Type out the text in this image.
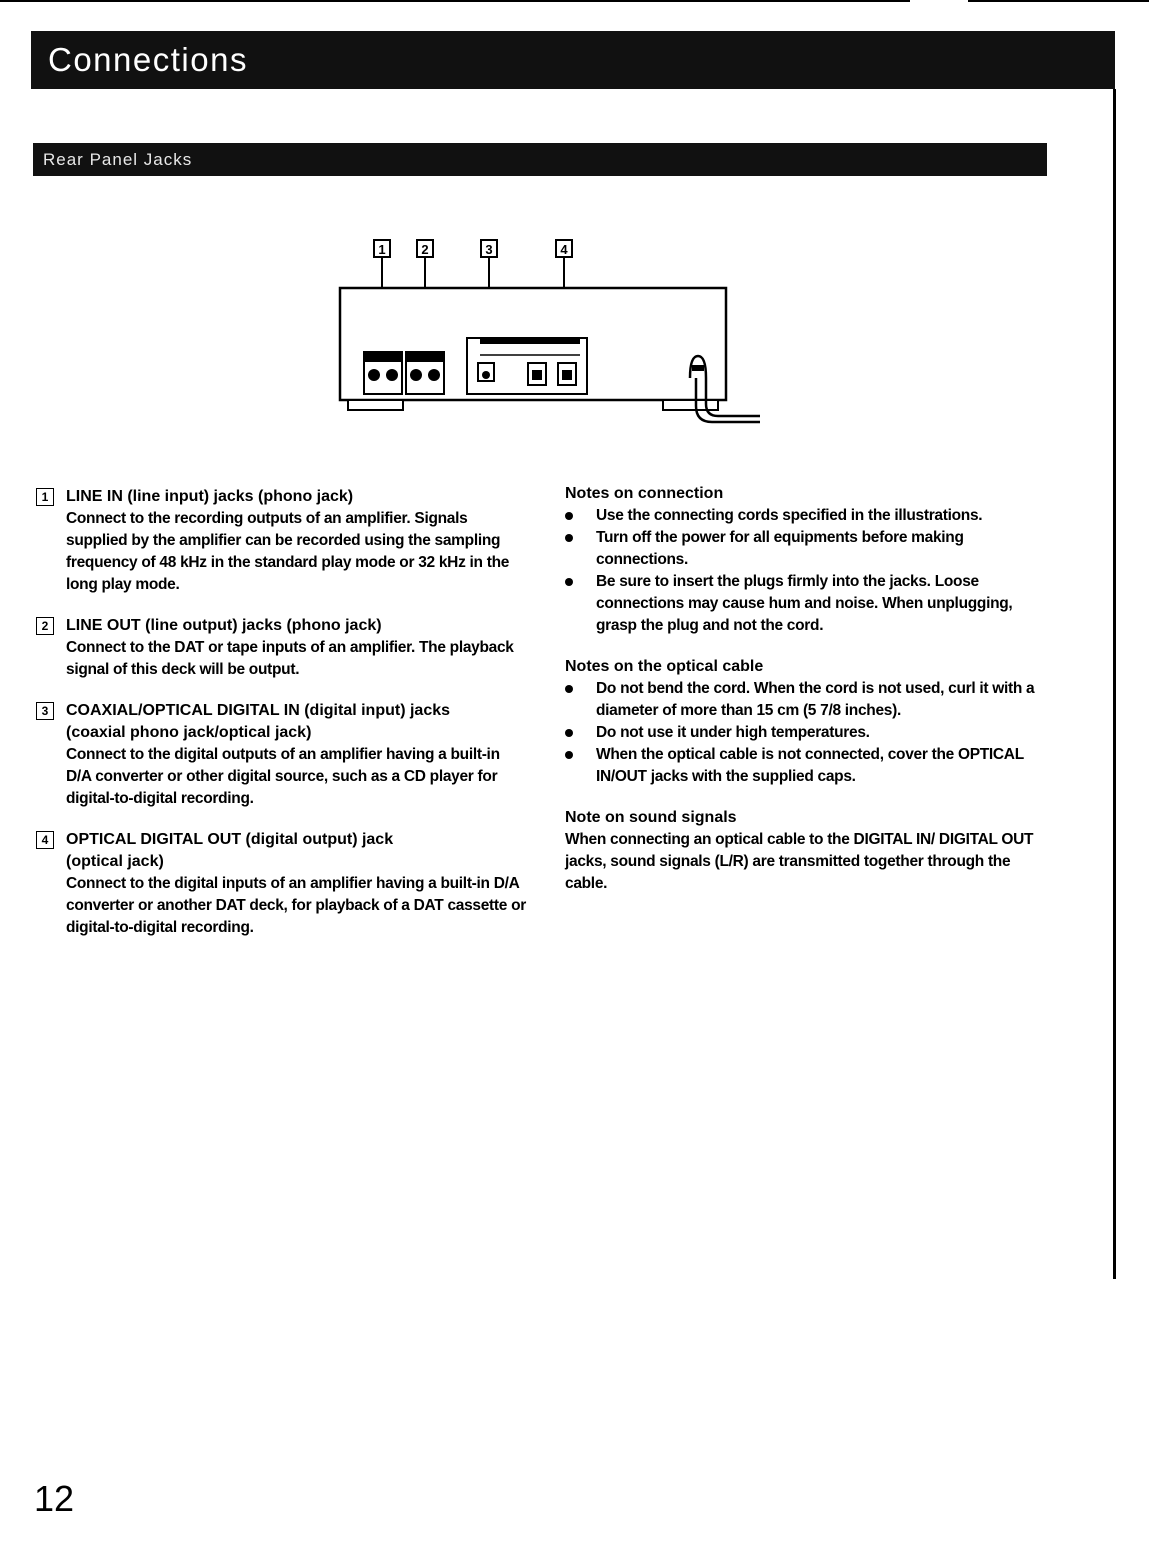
Connections
Rear Panel Jacks
1	2	3	4
1	LINE IN (line input) jacks (phono jack)
Connect to the recording outputs of an amplifier. Signals supplied by the amplifier can be recorded using the sampling frequency of 48 kHz in the standard play mode or 32 kHz in the long play mode.
2	LINE OUT (line output) jacks (phono jack)
Connect to the DAT or tape inputs of an amplifier. The playback signal of this deck will be output.
3	COAXIAL/OPTICAL DIGITAL IN (digital input) jacks
(coaxial phono jack/optical jack)
Connect to the digital outputs of an amplifier having a built-in D/A converter or other digital source, such as a CD player for digital-to-digital recording.
4	OPTICAL DIGITAL OUT (digital output) jack
(optical jack)
Connect to the digital inputs of an amplifier having a built-in D/A converter or another DAT deck, for playback of a DAT cassette or digital-to-digital recording.
Notes on connection
Use the connecting cords specified in the illustrations.
Turn off the power for all equipments before making connections.
Be sure to insert the plugs firmly into the jacks. Loose connections may cause hum and noise. When unplugging, grasp the plug and not the cord.
Notes on the optical cable
Do not bend the cord. When the cord is not used, curl it with a diameter of more than 15 cm (5 7/8 inches).
Do not use it under high temperatures.
When the optical cable is not connected, cover the OPTICAL IN/OUT jacks with the supplied caps.
Note on sound signals
When connecting an optical cable to the DIGITAL IN/ DIGITAL OUT jacks, sound signals (L/R) are transmitted together through the cable.
12
